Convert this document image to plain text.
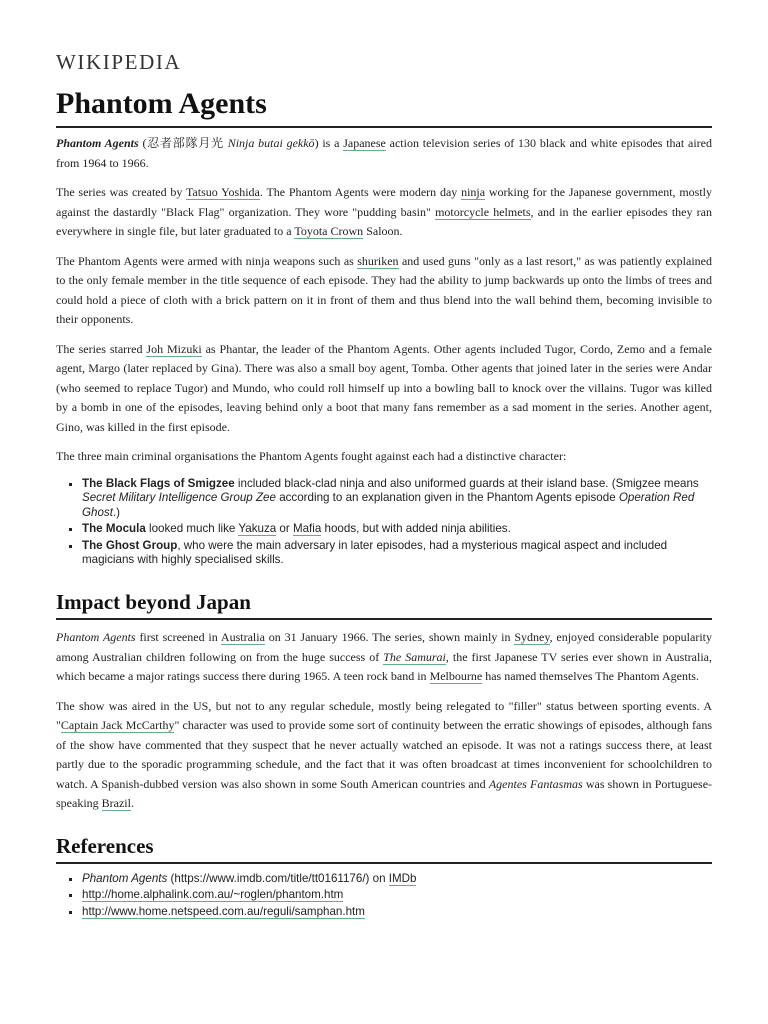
WIKIPEDIA
Phantom Agents

Phantom Agents (忍者部隊月光 Ninja butai gekkō) is a Japanese action television series of 130 black and white episodes that aired from 1964 to 1966.

The series was created by Tatsuo Yoshida. The Phantom Agents were modern day ninja working for the Japanese government, mostly against the dastardly "Black Flag" organization. They wore "pudding basin" motorcycle helmets, and in the earlier episodes they ran everywhere in single file, but later graduated to a Toyota Crown Saloon.

The Phantom Agents were armed with ninja weapons such as shuriken and used guns "only as a last resort," as was patiently explained to the only female member in the title sequence of each episode. They had the ability to jump backwards up onto the limbs of trees and could hold a piece of cloth with a brick pattern on it in front of them and thus blend into the wall behind them, becoming invisible to their opponents.

The series starred Joh Mizuki as Phantar, the leader of the Phantom Agents. Other agents included Tugor, Cordo, Zemo and a female agent, Margo (later replaced by Gina). There was also a small boy agent, Tomba. Other agents that joined later in the series were Andar (who seemed to replace Tugor) and Mundo, who could roll himself up into a bowling ball to knock over the villains. Tugor was killed by a bomb in one of the episodes, leaving behind only a boot that many fans remember as a sad moment in the series. Another agent, Gino, was killed in the first episode.

The three main criminal organisations the Phantom Agents fought against each had a distinctive character:

▪ The Black Flags of Smigzee included black-clad ninja and also uniformed guards at their island base. (Smigzee means Secret Military Intelligence Group Zee according to an explanation given in the Phantom Agents episode Operation Red Ghost.)
▪ The Mocula looked much like Yakuza or Mafia hoods, but with added ninja abilities.
▪ The Ghost Group, who were the main adversary in later episodes, had a mysterious magical aspect and included magicians with highly specialised skills.
Impact beyond Japan

Phantom Agents first screened in Australia on 31 January 1966. The series, shown mainly in Sydney, enjoyed considerable popularity among Australian children following on from the huge success of The Samurai, the first Japanese TV series ever shown in Australia, which became a major ratings success there during 1965. A teen rock band in Melbourne has named themselves The Phantom Agents.

The show was aired in the US, but not to any regular schedule, mostly being relegated to "filler" status between sporting events. A "Captain Jack McCarthy" character was used to provide some sort of continuity between the erratic showings of episodes, although fans of the show have commented that they suspect that he never actually watched an episode. It was not a ratings success there, at least partly due to the sporadic programming schedule, and the fact that it was often broadcast at times inconvenient for schoolchildren to watch. A Spanish-dubbed version was also shown in some South American countries and Agentes Fantasmas was shown in Portuguese-speaking Brazil.

References
▪ Phantom Agents (https://www.imdb.com/title/tt0161176/) on IMDb
▪ http://home.alphalink.com.au/~roglen/phantom.htm
▪ http://www.home.netspeed.com.au/reguli/samphan.htm
